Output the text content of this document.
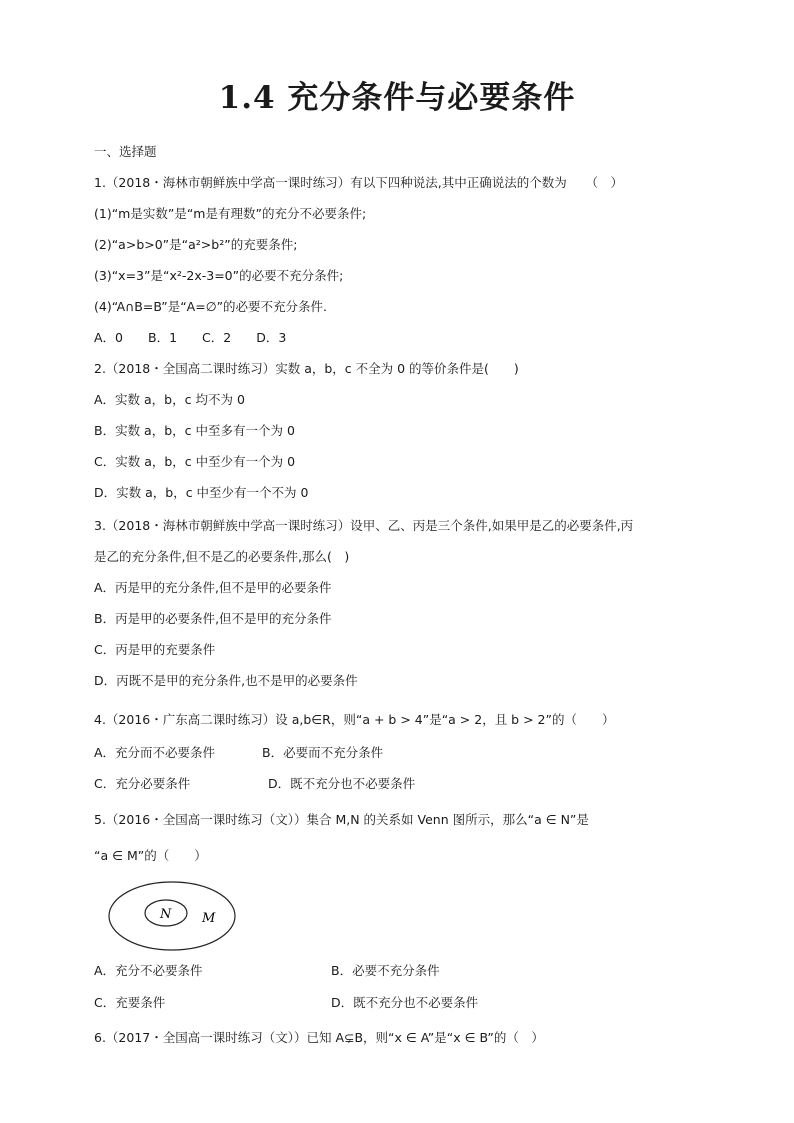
1.4 充分条件与必要条件
一、选择题
1.（2018・海林市朝鲜族中学高一课时练习）有以下四种说法,其中正确说法的个数为　　（　）
(1)“m是实数”是“m是有理数”的充分不必要条件;
(2)“a>b>0”是“a²>b²”的充要条件;
(3)“x=3”是“x²-2x-3=0”的必要不充分条件;
(4)“A∩B=B”是“A=∅”的必要不充分条件.
A．0　　B．1　　C．2　　D．3
2.（2018・全国高二课时练习）实数 a，b，c 不全为 0 的等价条件是(　　)
A．实数 a，b，c 均不为 0
B．实数 a，b，c 中至多有一个为 0
C．实数 a，b，c 中至少有一个为 0
D．实数 a，b，c 中至少有一个不为 0
3.（2018・海林市朝鲜族中学高一课时练习）设甲、乙、丙是三个条件,如果甲是乙的必要条件,丙
是乙的充分条件,但不是乙的必要条件,那么(　)
A．丙是甲的充分条件,但不是甲的必要条件
B．丙是甲的必要条件,但不是甲的充分条件
C．丙是甲的充要条件
D．丙既不是甲的充分条件,也不是甲的必要条件
4.（2016・广东高二课时练习）设 a,b∈R，则“a + b > 4”是“a > 2，且 b > 2”的（　　）
A．充分而不必要条件	B．必要而不充分条件
C．充分必要条件	D．既不充分也不必要条件
5.（2016・全国高一课时练习（文））集合 M,N 的关系如 Venn 图所示，那么“a ∈ N”是
“a ∈ M”的（　　）
N M
A．充分不必要条件	B．必要不充分条件
C．充要条件	D．既不充分也不必要条件
6.（2017・全国高一课时练习（文））已知 A⊊B，则“x ∈ A”是“x ∈ B”的（　）
